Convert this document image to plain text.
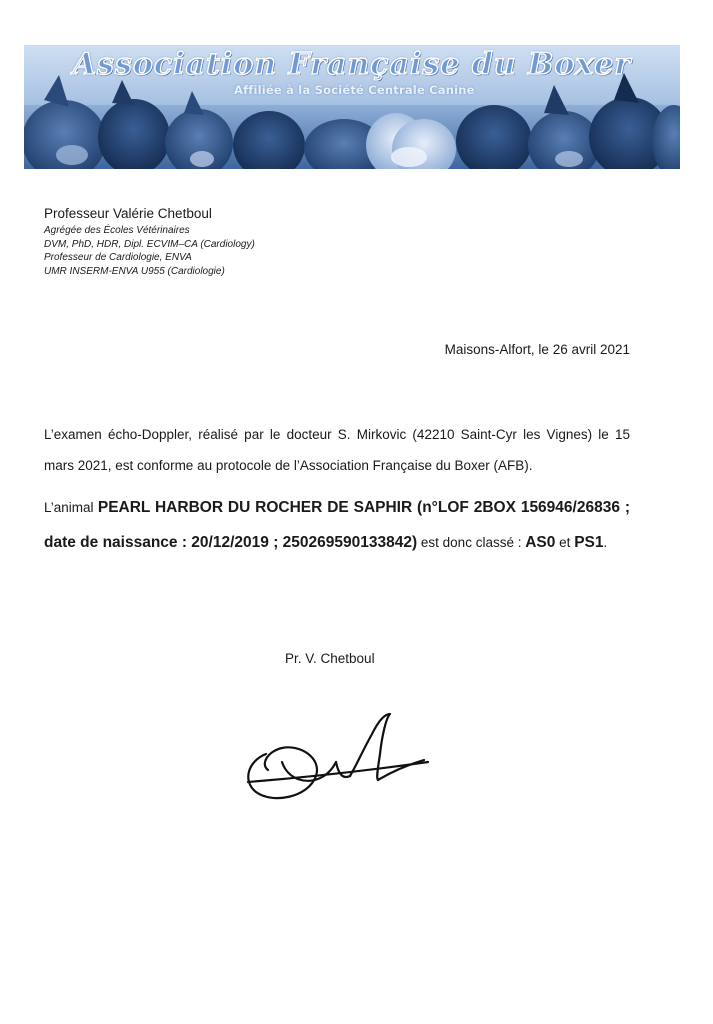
Association Française du Boxer
Affiliée à la Société Centrale Canine

Professeur Valérie Chetboul

Agrégée des Écoles Vétérinaires

DVM, PhD, HDR, Dipl. ECVIM–CA (Cardiology)

Professeur de Cardiologie, ENVA

UMR INSERM-ENVA U955 (Cardiologie)

Maisons-Alfort, le 26 avril 2021

L’examen écho-Doppler, réalisé par le docteur S. Mirkovic (42210 Saint-Cyr les Vignes) le 15 mars 2021, est conforme au protocole de l’Association Française du Boxer (AFB).

L’animal PEARL HARBOR DU ROCHER DE SAPHIR (n°LOF 2BOX 156946/26836 ; date de naissance : 20/12/2019 ; 250269590133842) est donc classé : AS0 et PS1.

Pr. V. Chetboul
